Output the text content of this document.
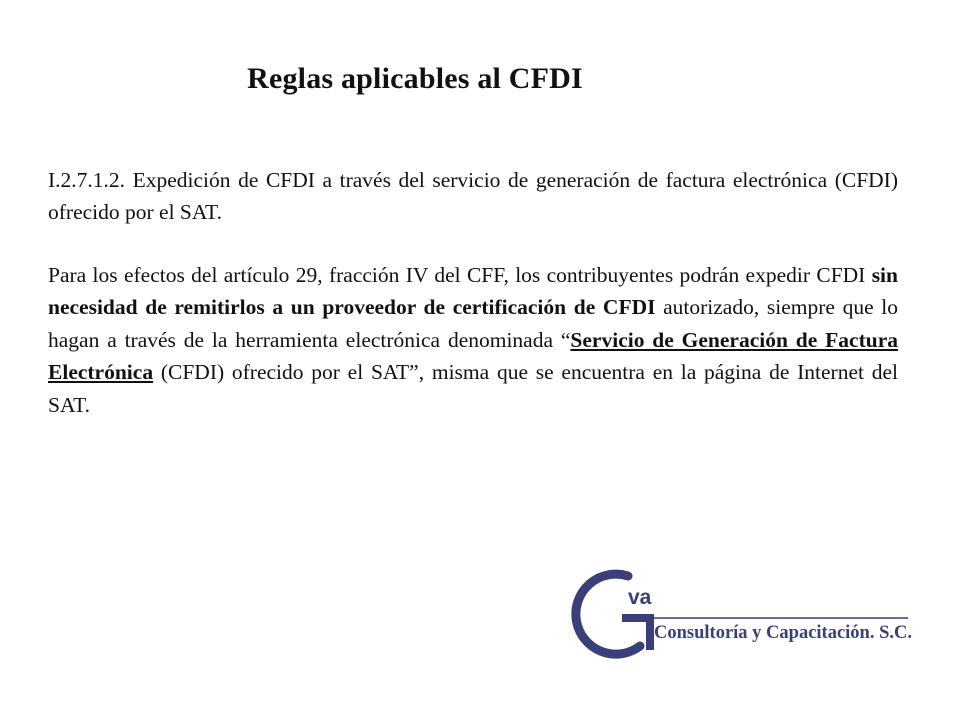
Reglas aplicables al CFDI
I.2.7.1.2. Expedición de CFDI a través del servicio de generación de factura electrónica (CFDI) ofrecido por el SAT.
Para los efectos del artículo 29, fracción IV del CFF, los contribuyentes podrán expedir CFDI sin necesidad de remitirlos a un proveedor de certificación de CFDI autorizado, siempre que lo hagan a través de la herramienta electrónica denominada “Servicio de Generación de Factura Electrónica (CFDI) ofrecido por el SAT”, misma que se encuentra en la página de Internet del SAT.
va
Consultoría y Capacitación. S.C.
